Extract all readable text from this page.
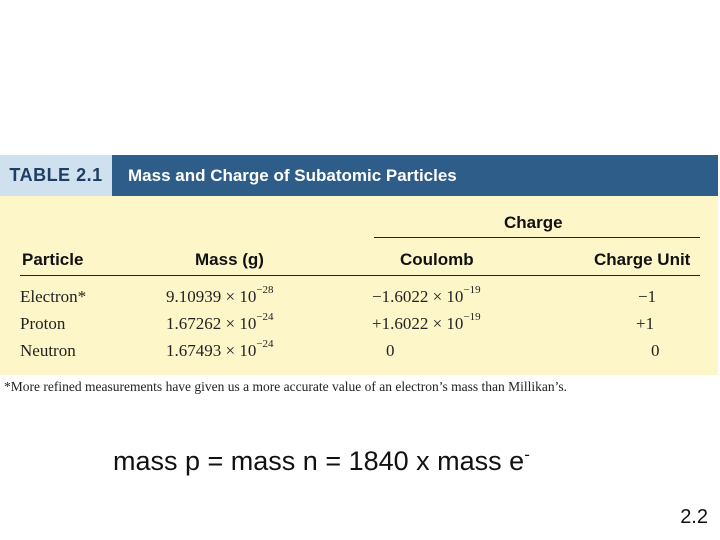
TABLE 2.1	Mass and Charge of Subatomic Particles
Charge
Particle	Mass (g)	Coulomb	Charge Unit
Electron*	$9.10939 \times 10^{-28}$	$-1.6022 \times 10^{-19}$	−1
Proton	$1.67262 \times 10^{-24}$	$+1.6022 \times 10^{-19}$	+1
Neutron	$1.67493 \times 10^{-24}$	0	0
*More refined measurements have given us a more accurate value of an electron’s mass than Millikan’s.
mass p = mass n = 1840 x mass e-
2.2
